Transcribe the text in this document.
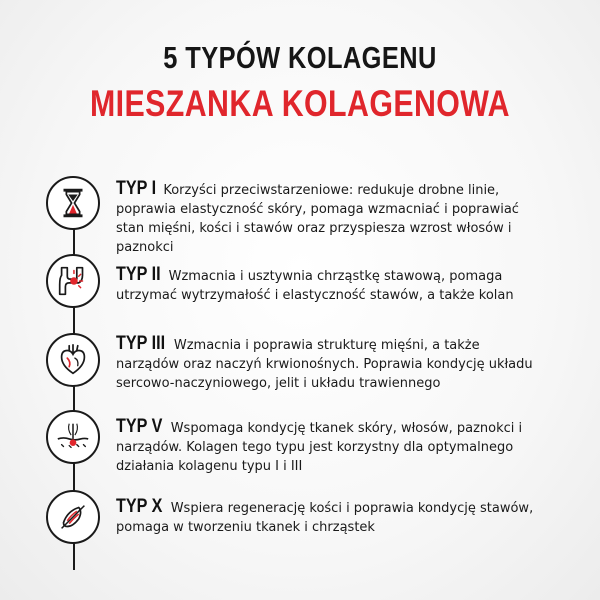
5 TYPÓW KOLAGENU
MIESZANKA KOLAGENOWA
TYP I Korzyści przeciwstarzeniowe: redukuje drobne linie, poprawia elastyczność skóry, pomaga wzmacniać i poprawiać stan mięśni, kości i stawów oraz przyspiesza wzrost włosów i paznokci
TYP II Wzmacnia i usztywnia chrząstkę stawową, pomaga utrzymać wytrzymałość i elastyczność stawów, a także kolan
TYP III Wzmacnia i poprawia strukturę mięśni, a także narządów oraz naczyń krwionośnych. Poprawia kondycję układu sercowo-naczyniowego, jelit i układu trawiennego
TYP V Wspomaga kondycję tkanek skóry, włosów, paznokci i narządów. Kolagen tego typu jest korzystny dla optymalnego działania kolagenu typu I i III
TYP X Wspiera regenerację kości i poprawia kondycję stawów, pomaga w tworzeniu tkanek i chrząstek
